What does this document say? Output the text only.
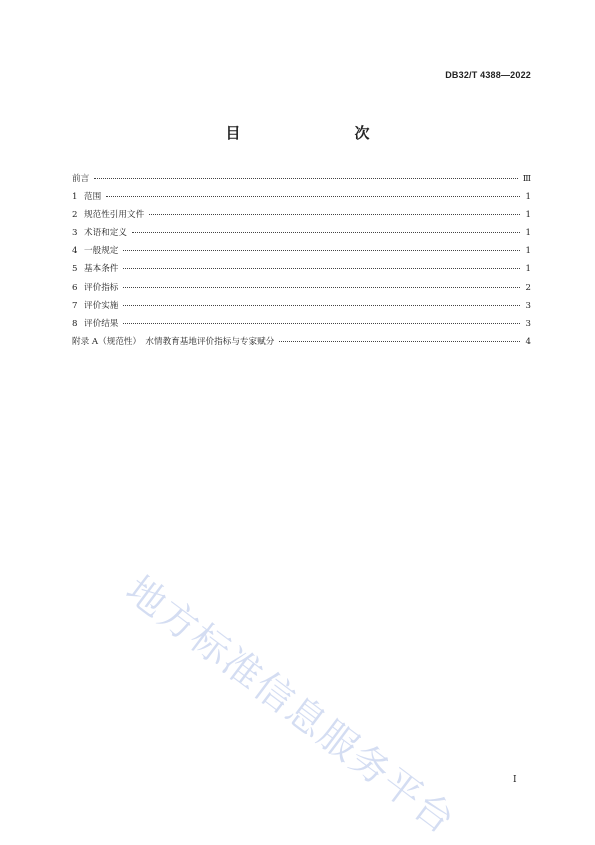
DB32/T 4388—2022
目　　次
前言	Ⅲ
1 范围	1
2 规范性引用文件	1
3 术语和定义	1
4 一般规定	1
5 基本条件	1
6 评价指标	2
7 评价实施	3
8 评价结果	3
附录 A（规范性）　水情教育基地评价指标与专家赋分	4
地方标准信息服务平台	I
